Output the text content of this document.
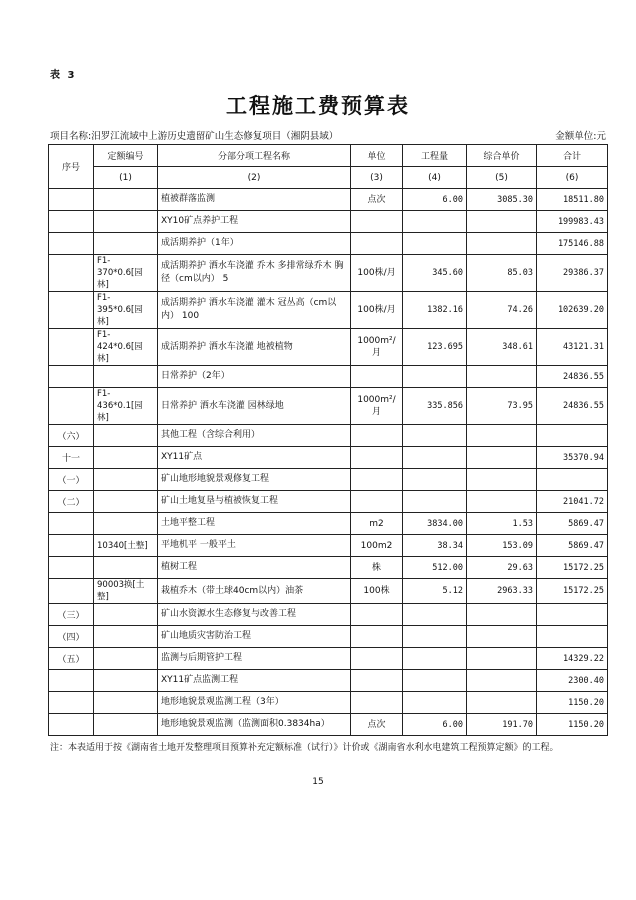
表 3
工程施工费预算表
项目名称:汨罗江流域中上游历史遗留矿山生态修复项目（湘阴县域）	金额单位:元
序号	定额编号	分部分项工程名称	单位	工程量	综合单价	合计
	(1)	(2)	(3)	(4)	(5)	(6)
		植被群落监测	点次	6.00	3085.30	18511.80
		XY10矿点养护工程				199983.43
		成活期养护（1年）				175146.88
	F1-370*0.6[园林]	成活期养护 洒水车浇灌 乔木 多排常绿乔木 胸径（cm以内） 5	100株/月	345.60	85.03	29386.37
	F1-395*0.6[园林]	成活期养护 洒水车浇灌 灌木 冠丛高（cm以内） 100	100株/月	1382.16	74.26	102639.20
	F1-424*0.6[园林]	成活期养护 洒水车浇灌 地被植物	1000m²/月	123.695	348.61	43121.31
		日常养护（2年）				24836.55
	F1-436*0.1[园林]	日常养护 洒水车浇灌 园林绿地	1000m²/月	335.856	73.95	24836.55
（六）		其他工程（含综合利用）				
十一		XY11矿点				35370.94
（一）		矿山地形地貌景观修复工程				
（二）		矿山土地复垦与植被恢复工程				21041.72
		土地平整工程	m2	3834.00	1.53	5869.47
	10340[土整]	平地机平 一般平土	100m2	38.34	153.09	5869.47
		植树工程	株	512.00	29.63	15172.25
	90003换[土整]	栽植乔木（带土球40cm以内）油茶	100株	5.12	2963.33	15172.25
（三）		矿山水资源水生态修复与改善工程				
（四）		矿山地质灾害防治工程				
（五）		监测与后期管护工程				14329.22
		XY11矿点监测工程				2300.40
		地形地貌景观监测工程（3年）				1150.20
		地形地貌景观监测（监测面积0.3834ha）	点次	6.00	191.70	1150.20
注：本表适用于按《湖南省土地开发整理项目预算补充定额标准（试行）》计价或《湖南省水利水电建筑工程预算定额》的工程。
15
